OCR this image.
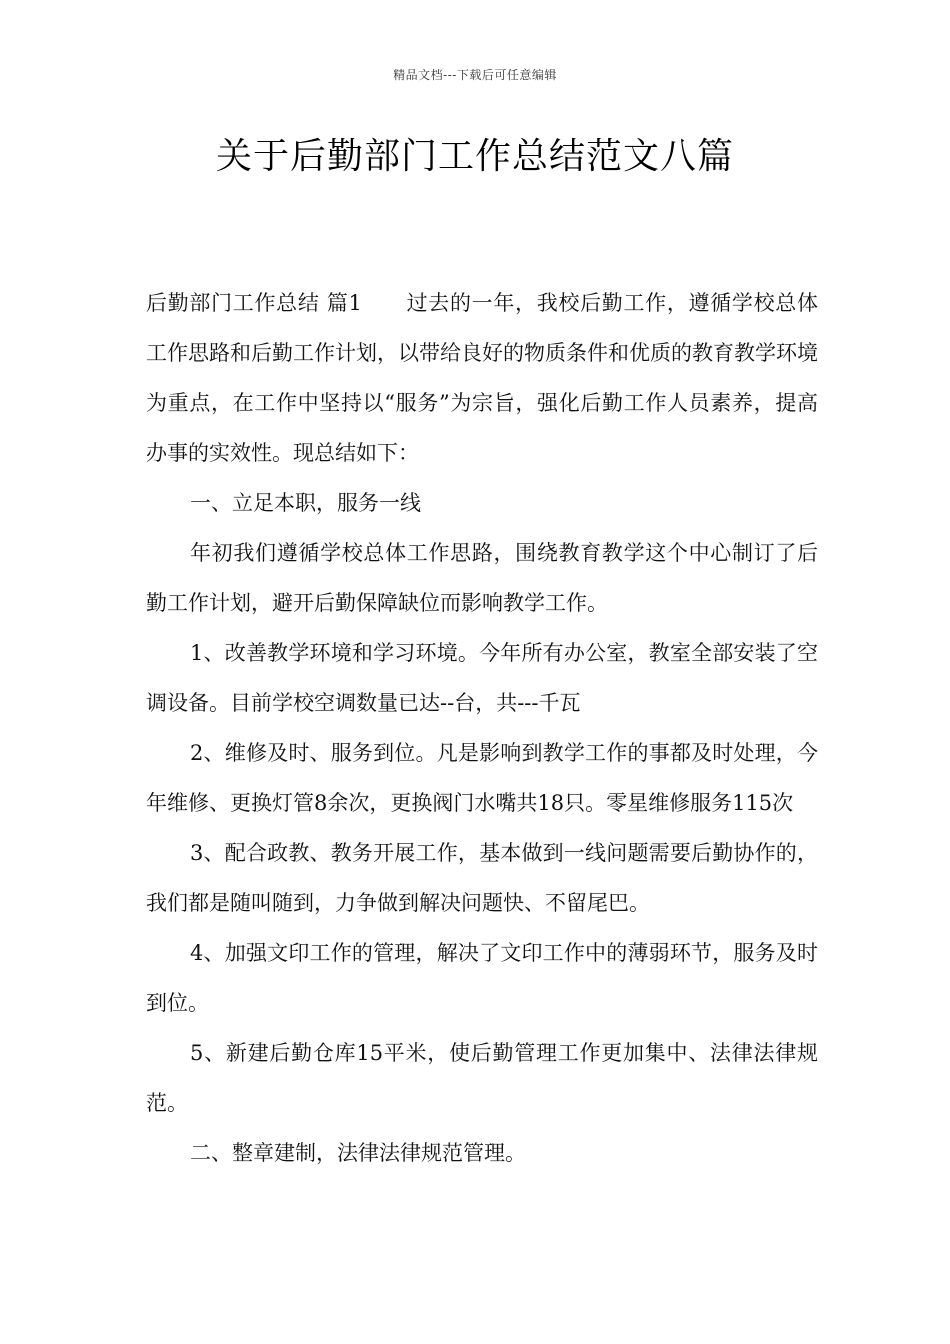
精品文档---下载后可任意编辑
关于后勤部门工作总结范文八篇

后勤部门工作总结 篇1 过去的一年，我校后勤工作，遵循学校总体工作思路和后勤工作计划，以带给良好的物质条件和优质的教育教学环境为重点，在工作中坚持以“服务”为宗旨，强化后勤工作人员素养，提高办事的实效性。现总结如下：

一、立足本职，服务一线

年初我们遵循学校总体工作思路，围绕教育教学这个中心制订了后勤工作计划，避开后勤保障缺位而影响教学工作。

1、改善教学环境和学习环境。今年所有办公室，教室全部安装了空调设备。目前学校空调数量已达--台，共---千瓦

2、维修及时、服务到位。凡是影响到教学工作的事都及时处理，今年维修、更换灯管8余次，更换阀门水嘴共18只。零星维修服务115次

3、配合政教、教务开展工作，基本做到一线问题需要后勤协作的，我们都是随叫随到，力争做到解决问题快、不留尾巴。

4、加强文印工作的管理，解决了文印工作中的薄弱环节，服务及时到位。

5、新建后勤仓库15平米，使后勤管理工作更加集中、法律法律规范。

二、整章建制，法律法律规范管理。
